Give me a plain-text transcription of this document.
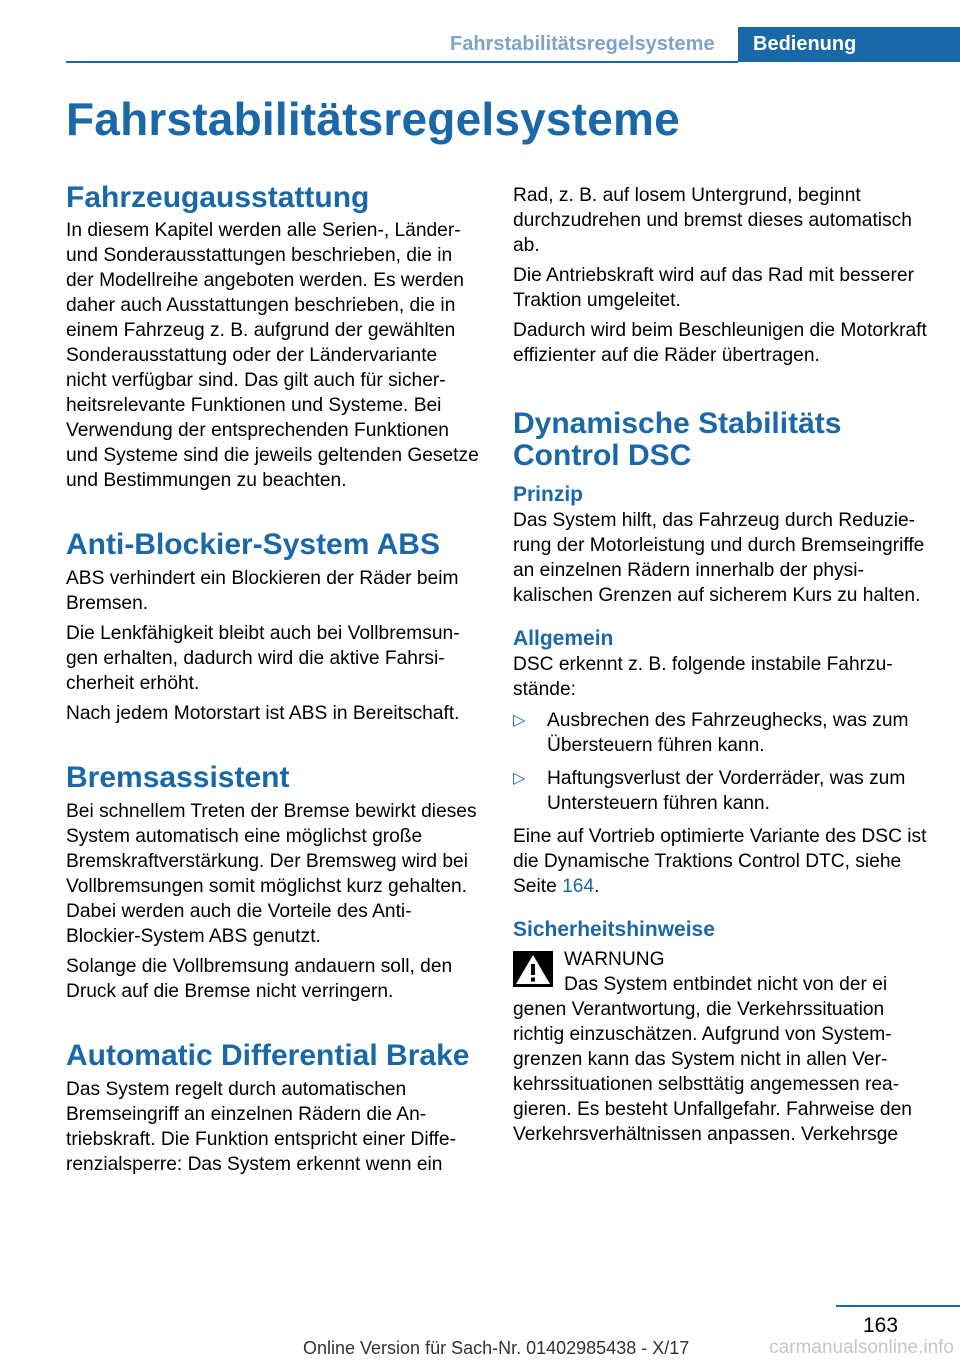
Fahrstabilitätsregelsysteme	Bedienung
Fahrstabilitätsregelsysteme
Fahrzeugausstattung

In diesem Kapitel werden alle Serien-, Länder- und Sonderausstattungen beschrieben, die in der Modellreihe angeboten werden. Es werden daher auch Ausstattungen beschrieben, die in einem Fahrzeug z. B. aufgrund der gewählten Sonderausstattung oder der Ländervariante nicht verfügbar sind. Das gilt auch für sicherheitsrelevante Funktionen und Systeme. Bei Verwendung der entsprechenden Funktionen und Systeme sind die jeweils geltenden Gesetze und Bestimmungen zu beachten.

Anti-Blockier-System ABS

ABS verhindert ein Blockieren der Räder beim Bremsen.

Die Lenkfähigkeit bleibt auch bei Vollbremsungen erhalten, dadurch wird die aktive Fahrsicherheit erhöht.

Nach jedem Motorstart ist ABS in Bereitschaft.

Bremsassistent

Bei schnellem Treten der Bremse bewirkt dieses System automatisch eine möglichst große Bremskraftverstärkung. Der Bremsweg wird bei Vollbremsungen somit möglichst kurz gehalten. Dabei werden auch die Vorteile des Anti-Blockier-System ABS genutzt.

Solange die Vollbremsung andauern soll, den Druck auf die Bremse nicht verringern.

Automatic Differential Brake

Das System regelt durch automatischen Bremseingriff an einzelnen Rädern die Antriebskraft. Die Funktion entspricht einer Differenzialsperre: Das System erkennt wenn ein

Rad, z. B. auf losem Untergrund, beginnt durchzudrehen und bremst dieses automatisch ab.

Die Antriebskraft wird auf das Rad mit besserer Traktion umgeleitet.

Dadurch wird beim Beschleunigen die Motorkraft effizienter auf die Räder übertragen.

Dynamische Stabilitäts Control DSC
Prinzip

Das System hilft, das Fahrzeug durch Reduzierung der Motorleistung und durch Bremseingriffe an einzelnen Rädern innerhalb der physikalischen Grenzen auf sicherem Kurs zu halten.

Allgemein

DSC erkennt z. B. folgende instabile Fahrzustände:

▷ Ausbrechen des Fahrzeughecks, was zum Übersteuern führen kann.
▷ Haftungsverlust der Vorderräder, was zum Untersteuern führen kann.

Eine auf Vortrieb optimierte Variante des DSC ist die Dynamische Traktions Control DTC, siehe Seite 164.

Sicherheitshinweise

WARNUNG

Das System entbindet nicht von der ei

genen Verantwortung, die Verkehrssituation richtig einzuschätzen. Aufgrund von Systemgrenzen kann das System nicht in allen Verkehrssituationen selbsttätig angemessen reagieren. Es besteht Unfallgefahr. Fahrweise den Verkehrsverhältnissen anpassen. Verkehrsge

163
Online Version für Sach-Nr. 01402985438 - X/17	carmanualsonline.info
